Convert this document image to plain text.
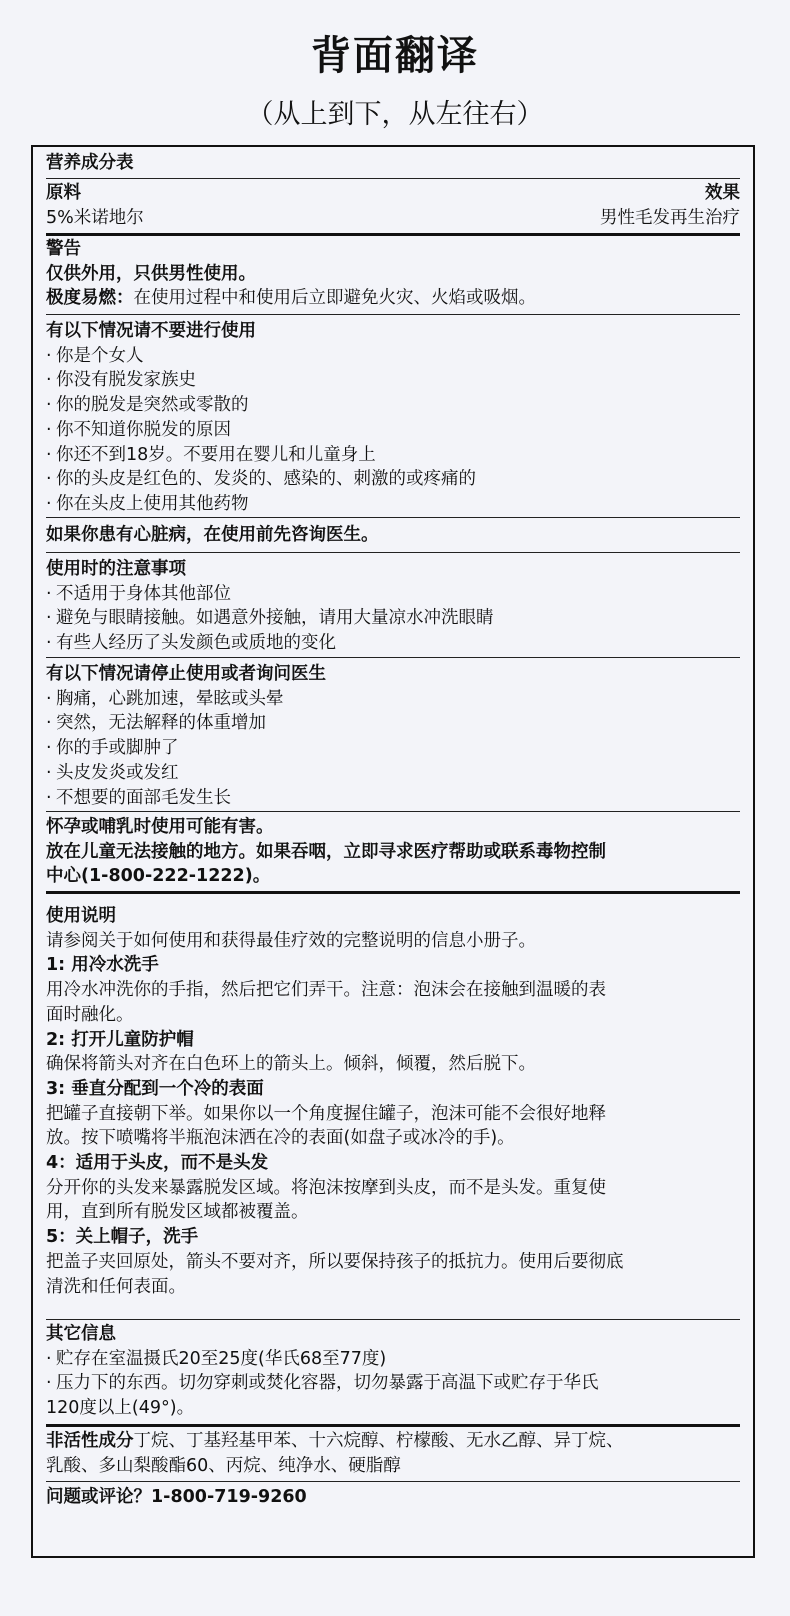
背面翻译
（从上到下，从左往右）
营养成分表
原料	效果
5%米诺地尔	男性毛发再生治疗
警告
仅供外用，只供男性使用。
极度易燃：在使用过程中和使用后立即避免火灾、火焰或吸烟。
有以下情况请不要进行使用
· 你是个女人
· 你没有脱发家族史
· 你的脱发是突然或零散的
· 你不知道你脱发的原因
· 你还不到18岁。不要用在婴儿和儿童身上
· 你的头皮是红色的、发炎的、感染的、刺激的或疼痛的
· 你在头皮上使用其他药物
如果你患有心脏病，在使用前先咨询医生。
使用时的注意事项
· 不适用于身体其他部位
· 避免与眼睛接触。如遇意外接触，请用大量凉水冲洗眼睛
· 有些人经历了头发颜色或质地的变化
有以下情况请停止使用或者询问医生
· 胸痛，心跳加速，晕眩或头晕
· 突然，无法解释的体重增加
· 你的手或脚肿了
· 头皮发炎或发红
· 不想要的面部毛发生长
怀孕或哺乳时使用可能有害。
放在儿童无法接触的地方。如果吞咽，立即寻求医疗帮助或联系毒物控制
中心(1-800-222-1222)。
使用说明
请参阅关于如何使用和获得最佳疗效的完整说明的信息小册子。
1: 用冷水洗手
用冷水冲洗你的手指，然后把它们弄干。注意：泡沫会在接触到温暖的表
面时融化。
2: 打开儿童防护帽
确保将箭头对齐在白色环上的箭头上。倾斜，倾覆，然后脱下。
3: 垂直分配到一个冷的表面
把罐子直接朝下举。如果你以一个角度握住罐子，泡沫可能不会很好地释
放。按下喷嘴将半瓶泡沫洒在冷的表面(如盘子或冰冷的手)。
4：适用于头皮，而不是头发
分开你的头发来暴露脱发区域。将泡沫按摩到头皮，而不是头发。重复使
用，直到所有脱发区域都被覆盖。
5：关上帽子，洗手
把盖子夹回原处，箭头不要对齐，所以要保持孩子的抵抗力。使用后要彻底
清洗和任何表面。
其它信息
· 贮存在室温摄氏20至25度(华氏68至77度)
· 压力下的东西。切勿穿刺或焚化容器，切勿暴露于高温下或贮存于华氏
120度以上(49°)。
非活性成分丁烷、丁基羟基甲苯、十六烷醇、柠檬酸、无水乙醇、异丁烷、
乳酸、多山梨酸酯60、丙烷、纯净水、硬脂醇
问题或评论？1-800-719-9260
